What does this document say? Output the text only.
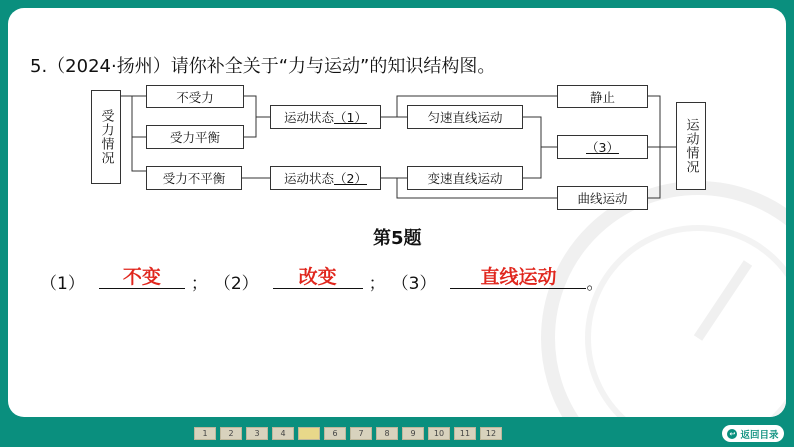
5.（2024·扬州）请你补全关于“力与运动”的知识结构图。
受力情况
不受力
受力平衡
受力不平衡
运动状态 （1）
运动状态 （2）
匀速直线运动
变速直线运动
静止
（3）
曲线运动
运动情况
第5题
（1）	不变	； （2）	改变	； （3）	直线运动	。
1	2	3	4	6	7	8	9	10	11	12	↩ 返回目录
